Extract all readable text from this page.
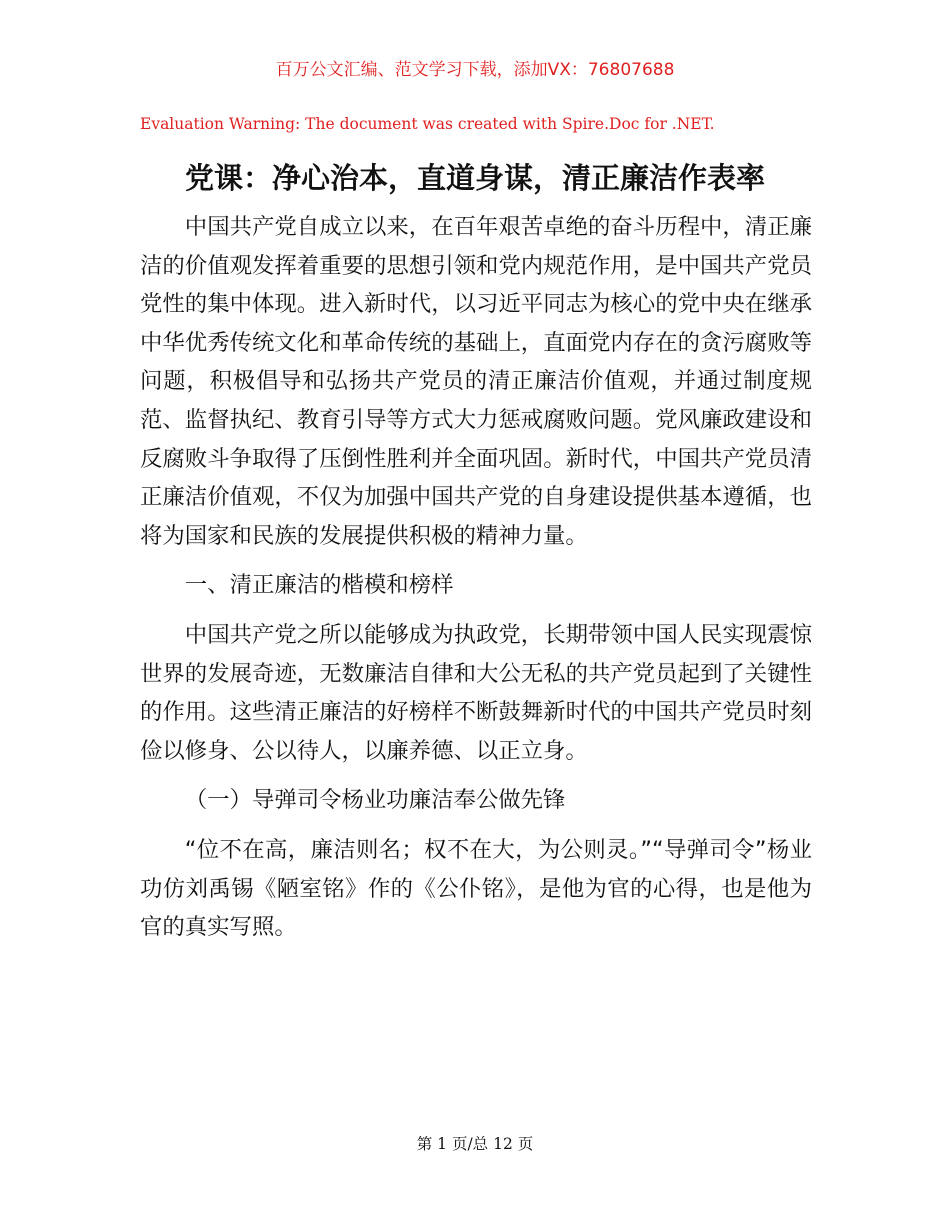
百万公文汇编、范文学习下载，添加VX：76807688
Evaluation Warning: The document was created with Spire.Doc for .NET.
党课：净心治本，直道身谋，清正廉洁作表率

中国共产党自成立以来，在百年艰苦卓绝的奋斗历程中，清正廉洁的价值观发挥着重要的思想引领和党内规范作用，是中国共产党员党性的集中体现。进入新时代，以习近平同志为核心的党中央在继承中华优秀传统文化和革命传统的基础上，直面党内存在的贪污腐败等问题，积极倡导和弘扬共产党员的清正廉洁价值观，并通过制度规范、监督执纪、教育引导等方式大力惩戒腐败问题。党风廉政建设和反腐败斗争取得了压倒性胜利并全面巩固。新时代，中国共产党员清正廉洁价值观，不仅为加强中国共产党的自身建设提供基本遵循，也将为国家和民族的发展提供积极的精神力量。

一、清正廉洁的楷模和榜样

中国共产党之所以能够成为执政党，长期带领中国人民实现震惊世界的发展奇迹，无数廉洁自律和大公无私的共产党员起到了关键性的作用。这些清正廉洁的好榜样不断鼓舞新时代的中国共产党员时刻俭以修身、公以待人，以廉养德、以正立身。

（一）导弹司令杨业功廉洁奉公做先锋

“位不在高，廉洁则名；权不在大，为公则灵。”“导弹司令”杨业功仿刘禹锡《陋室铭》作的《公仆铭》，是他为官的心得，也是他为官的真实写照。

第 1 页/总 12 页
